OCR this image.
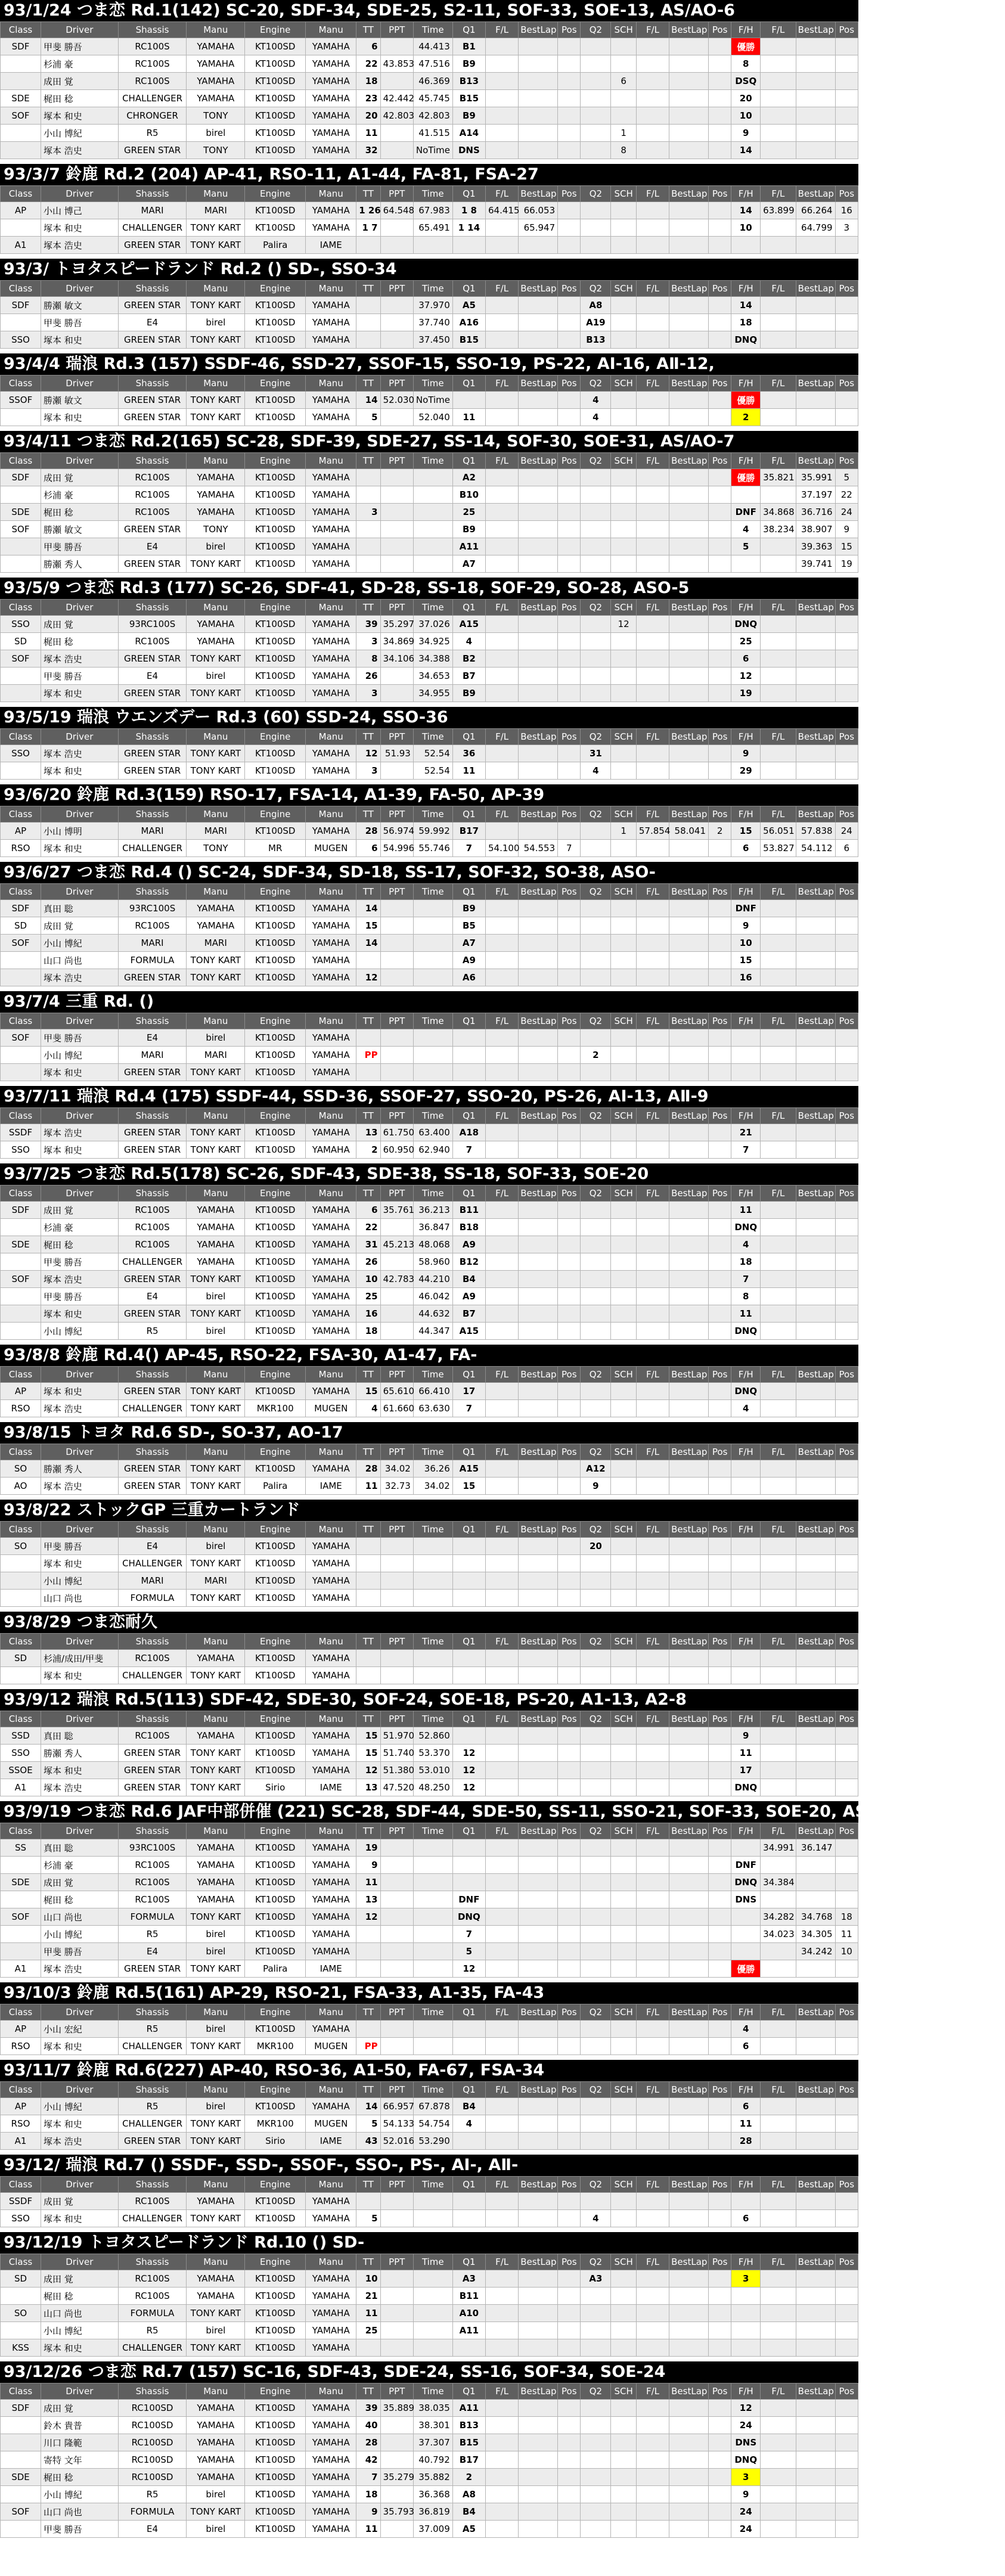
93/1/24 つま恋 Rd.1(142) SC-20, SDF-34, SDE-25, S2-11, SOF-33, SOE-13, AS/AO-6
Class	Driver	Shassis	Manu	Engine	Manu	TT	PPT	Time	Q1	F/L	BestLap	Pos	Q2	SCH	F/L	BestLap	Pos	F/H	F/L	BestLap	Pos
SDF	甲斐 勝吾	RC100S	YAMAHA	KT100SD	YAMAHA	6		44.413	B1									優勝			
	杉浦 豪	RC100S	YAMAHA	KT100SD	YAMAHA	22	43.853	47.516	B9									8			
	成田 覚	RC100S	YAMAHA	KT100SD	YAMAHA	18		46.369	B13					6				DSQ			
SDE	梶田 稔	CHALLENGER	YAMAHA	KT100SD	YAMAHA	23	42.442	45.745	B15									20			
SOF	塚本 和史	CHRONGER	TONY	KT100SD	YAMAHA	20	42.803	42.803	B9									10			
	小山 博紀	R5	birel	KT100SD	YAMAHA	11		41.515	A14					1				9			
	塚本 浩史	GREEN STAR	TONY	KT100SD	YAMAHA	32		NoTime	DNS					8				14			
93/3/7 鈴鹿 Rd.2 (204) AP-41, RSO-11, A1-44, FA-81, FSA-27
Class	Driver	Shassis	Manu	Engine	Manu	TT	PPT	Time	Q1	F/L	BestLap	Pos	Q2	SCH	F/L	BestLap	Pos	F/H	F/L	BestLap	Pos
AP	小山 博己	MARI	MARI	KT100SD	YAMAHA	1 26	64.548	67.983	1 8	64.415	66.053							14	63.899	66.264	16
	塚本 和史	CHALLENGER	TONY KART	KT100SD	YAMAHA	1 7		65.491	1 14		65.947							10		64.799	3
A1	塚本 浩史	GREEN STAR	TONY KART	Palira	IAME																
93/3/ トヨタスピードランド Rd.2 () SD-, SSO-34
Class	Driver	Shassis	Manu	Engine	Manu	TT	PPT	Time	Q1	F/L	BestLap	Pos	Q2	SCH	F/L	BestLap	Pos	F/H	F/L	BestLap	Pos
SDF	勝瀬 敏文	GREEN STAR	TONY KART	KT100SD	YAMAHA			37.970	A5				A8					14			
	甲斐 勝吾	E4	birel	KT100SD	YAMAHA			37.740	A16				A19					18			
SSO	塚本 和史	GREEN STAR	TONY KART	KT100SD	YAMAHA			37.450	B15				B13					DNQ			
93/4/4 瑞浪 Rd.3 (157) SSDF-46, SSD-27, SSOF-15, SSO-19, PS-22, AⅠ-16, AⅡ-12,
Class	Driver	Shassis	Manu	Engine	Manu	TT	PPT	Time	Q1	F/L	BestLap	Pos	Q2	SCH	F/L	BestLap	Pos	F/H	F/L	BestLap	Pos
SSOF	勝瀬 敏文	GREEN STAR	TONY KART	KT100SD	YAMAHA	14	52.030	NoTime					4					優勝			
	塚本 和史	GREEN STAR	TONY KART	KT100SD	YAMAHA	5		52.040	11				4					2			
93/4/11 つま恋 Rd.2(165) SC-28, SDF-39, SDE-27, SS-14, SOF-30, SOE-31, AS/AO-7
Class	Driver	Shassis	Manu	Engine	Manu	TT	PPT	Time	Q1	F/L	BestLap	Pos	Q2	SCH	F/L	BestLap	Pos	F/H	F/L	BestLap	Pos
SDF	成田 覚	RC100S	YAMAHA	KT100SD	YAMAHA				A2									優勝	35.821	35.991	5
	杉浦 豪	RC100S	YAMAHA	KT100SD	YAMAHA				B10											37.197	22
SDE	梶田 稔	RC100S	YAMAHA	KT100SD	YAMAHA	3			25									DNF	34.868	36.716	24
SOF	勝瀬 敏文	GREEN STAR	TONY	KT100SD	YAMAHA				B9									4	38.234	38.907	9
	甲斐 勝吾	E4	birel	KT100SD	YAMAHA				A11									5		39.363	15
	勝瀬 秀人	GREEN STAR	TONY KART	KT100SD	YAMAHA				A7											39.741	19
93/5/9 つま恋 Rd.3 (177) SC-26, SDF-41, SD-28, SS-18, SOF-29, SO-28, ASO-5
Class	Driver	Shassis	Manu	Engine	Manu	TT	PPT	Time	Q1	F/L	BestLap	Pos	Q2	SCH	F/L	BestLap	Pos	F/H	F/L	BestLap	Pos
SSO	成田 覚	93RC100S	YAMAHA	KT100SD	YAMAHA	39	35.297	37.026	A15					12				DNQ			
SD	梶田 稔	RC100S	YAMAHA	KT100SD	YAMAHA	3	34.869	34.925	4									25			
SOF	塚本 浩史	GREEN STAR	TONY KART	KT100SD	YAMAHA	8	34.106	34.388	B2									6			
	甲斐 勝吾	E4	birel	KT100SD	YAMAHA	26		34.653	B7									12			
	塚本 和史	GREEN STAR	TONY KART	KT100SD	YAMAHA	3		34.955	B9									19			
93/5/19 瑞浪 ウエンズデー Rd.3 (60) SSD-24, SSO-36
Class	Driver	Shassis	Manu	Engine	Manu	TT	PPT	Time	Q1	F/L	BestLap	Pos	Q2	SCH	F/L	BestLap	Pos	F/H	F/L	BestLap	Pos
SSO	塚本 浩史	GREEN STAR	TONY KART	KT100SD	YAMAHA	12	51.93	52.54	36				31					9			
	塚本 和史	GREEN STAR	TONY KART	KT100SD	YAMAHA	3		52.54	11				4					29			
93/6/20 鈴鹿 Rd.3(159) RSO-17, FSA-14, A1-39, FA-50, AP-39
Class	Driver	Shassis	Manu	Engine	Manu	TT	PPT	Time	Q1	F/L	BestLap	Pos	Q2	SCH	F/L	BestLap	Pos	F/H	F/L	BestLap	Pos
AP	小山 博明	MARI	MARI	KT100SD	YAMAHA	28	56.974	59.992	B17					1	57.854	58.041	2	15	56.051	57.838	24
RSO	塚本 和史	CHALLENGER	TONY	MR	MUGEN	6	54.996	55.746	7	54.100	54.553	7						6	53.827	54.112	6
93/6/27 つま恋 Rd.4 () SC-24, SDF-34, SD-18, SS-17, SOF-32, SO-38, ASO-
Class	Driver	Shassis	Manu	Engine	Manu	TT	PPT	Time	Q1	F/L	BestLap	Pos	Q2	SCH	F/L	BestLap	Pos	F/H	F/L	BestLap	Pos
SDF	真田 聡	93RC100S	YAMAHA	KT100SD	YAMAHA	14			B9									DNF			
SD	成田 覚	RC100S	YAMAHA	KT100SD	YAMAHA	15			B5									9			
SOF	小山 博紀	MARI	MARI	KT100SD	YAMAHA	14			A7									10			
	山口 尚也	FORMULA	TONY KART	KT100SD	YAMAHA				A9									15			
	塚本 浩史	GREEN STAR	TONY KART	KT100SD	YAMAHA	12			A6									16			
93/7/4 三重 Rd. ()
Class	Driver	Shassis	Manu	Engine	Manu	TT	PPT	Time	Q1	F/L	BestLap	Pos	Q2	SCH	F/L	BestLap	Pos	F/H	F/L	BestLap	Pos
SOF	甲斐 勝吾	E4	birel	KT100SD	YAMAHA																
	小山 博紀	MARI	MARI	KT100SD	YAMAHA	PP							2								
	塚本 和史	GREEN STAR	TONY KART	KT100SD	YAMAHA																
93/7/11 瑞浪 Rd.4 (175) SSDF-44, SSD-36, SSOF-27, SSO-20, PS-26, AⅠ-13, AⅡ-9
Class	Driver	Shassis	Manu	Engine	Manu	TT	PPT	Time	Q1	F/L	BestLap	Pos	Q2	SCH	F/L	BestLap	Pos	F/H	F/L	BestLap	Pos
SSDF	塚本 浩史	GREEN STAR	TONY KART	KT100SD	YAMAHA	13	61.750	63.400	A18									21			
SSO	塚本 和史	GREEN STAR	TONY KART	KT100SD	YAMAHA	2	60.950	62.940	7									7			
93/7/25 つま恋 Rd.5(178) SC-26, SDF-43, SDE-38, SS-18, SOF-33, SOE-20
Class	Driver	Shassis	Manu	Engine	Manu	TT	PPT	Time	Q1	F/L	BestLap	Pos	Q2	SCH	F/L	BestLap	Pos	F/H	F/L	BestLap	Pos
SDF	成田 覚	RC100S	YAMAHA	KT100SD	YAMAHA	6	35.761	36.213	B11									11			
	杉浦 豪	RC100S	YAMAHA	KT100SD	YAMAHA	22		36.847	B18									DNQ			
SDE	梶田 稔	RC100S	YAMAHA	KT100SD	YAMAHA	31	45.213	48.068	A9									4			
	甲斐 勝吾	CHALLENGER	YAMAHA	KT100SD	YAMAHA	26		58.960	B12									18			
SOF	塚本 浩史	GREEN STAR	TONY KART	KT100SD	YAMAHA	10	42.783	44.210	B4									7			
	甲斐 勝吾	E4	birel	KT100SD	YAMAHA	25		46.042	A9									8			
	塚本 和史	GREEN STAR	TONY KART	KT100SD	YAMAHA	16		44.632	B7									11			
	小山 博紀	R5	birel	KT100SD	YAMAHA	18		44.347	A15									DNQ			
93/8/8 鈴鹿 Rd.4() AP-45, RSO-22, FSA-30, A1-47, FA-
Class	Driver	Shassis	Manu	Engine	Manu	TT	PPT	Time	Q1	F/L	BestLap	Pos	Q2	SCH	F/L	BestLap	Pos	F/H	F/L	BestLap	Pos
AP	塚本 和史	GREEN STAR	TONY KART	KT100SD	YAMAHA	15	65.610	66.410	17									DNQ			
RSO	塚本 浩史	CHALLENGER	TONY KART	MKR100	MUGEN	4	61.660	63.630	7									4			
93/8/15 トヨタ Rd.6 SD-, SO-37, AO-17
Class	Driver	Shassis	Manu	Engine	Manu	TT	PPT	Time	Q1	F/L	BestLap	Pos	Q2	SCH	F/L	BestLap	Pos	F/H	F/L	BestLap	Pos
SO	勝瀬 秀人	GREEN STAR	TONY KART	KT100SD	YAMAHA	28	34.02	36.26	A15				A12								
AO	塚本 浩史	GREEN STAR	TONY KART	Palira	IAME	11	32.73	34.02	15				9								
93/8/22 ストックGP 三重カートランド
Class	Driver	Shassis	Manu	Engine	Manu	TT	PPT	Time	Q1	F/L	BestLap	Pos	Q2	SCH	F/L	BestLap	Pos	F/H	F/L	BestLap	Pos
SO	甲斐 勝吾	E4	birel	KT100SD	YAMAHA								20								
	塚本 和史	CHALLENGER	TONY KART	KT100SD	YAMAHA																
	小山 博紀	MARI	MARI	KT100SD	YAMAHA																
	山口 尚也	FORMULA	TONY KART	KT100SD	YAMAHA																
93/8/29 つま恋耐久
Class	Driver	Shassis	Manu	Engine	Manu	TT	PPT	Time	Q1	F/L	BestLap	Pos	Q2	SCH	F/L	BestLap	Pos	F/H	F/L	BestLap	Pos
SD	杉浦/成田/甲斐	RC100S	YAMAHA	KT100SD	YAMAHA																
	塚本 和史	CHALLENGER	TONY KART	KT100SD	YAMAHA																
93/9/12 瑞浪 Rd.5(113) SDF-42, SDE-30, SOF-24, SOE-18, PS-20, A1-13, A2-8
Class	Driver	Shassis	Manu	Engine	Manu	TT	PPT	Time	Q1	F/L	BestLap	Pos	Q2	SCH	F/L	BestLap	Pos	F/H	F/L	BestLap	Pos
SSD	真田 聡	RC100S	YAMAHA	KT100SD	YAMAHA	15	51.970	52.860										9			
SSO	勝瀬 秀人	GREEN STAR	TONY KART	KT100SD	YAMAHA	15	51.740	53.370	12									11			
SSOE	塚本 和史	GREEN STAR	TONY KART	KT100SD	YAMAHA	12	51.380	53.010	12									17			
A1	塚本 浩史	GREEN STAR	TONY KART	Sirio	IAME	13	47.520	48.250	12									DNQ			
93/9/19 つま恋 Rd.6 JAF中部併催 (221) SC-28, SDF-44, SDE-50, SS-11, SSO-21, SOF-33, SOE-20, ASO-6, A1-7, A2-1
Class	Driver	Shassis	Manu	Engine	Manu	TT	PPT	Time	Q1	F/L	BestLap	Pos	Q2	SCH	F/L	BestLap	Pos	F/H	F/L	BestLap	Pos
SS	真田 聡	93RC100S	YAMAHA	KT100SD	YAMAHA	19													34.991	36.147	
	杉浦 豪	RC100S	YAMAHA	KT100SD	YAMAHA	9												DNF			
SDE	成田 覚	RC100S	YAMAHA	KT100SD	YAMAHA	11												DNQ	34.384		
	梶田 稔	RC100S	YAMAHA	KT100SD	YAMAHA	13			DNF									DNS			
SOF	山口 尚也	FORMULA	TONY KART	KT100SD	YAMAHA	12			DNQ										34.282	34.768	18
	小山 博紀	R5	birel	KT100SD	YAMAHA				7										34.023	34.305	11
	甲斐 勝吾	E4	birel	KT100SD	YAMAHA				5											34.242	10
A1	塚本 浩史	GREEN STAR	TONY KART	Palira	IAME				12									優勝			
93/10/3 鈴鹿 Rd.5(161) AP-29, RSO-21, FSA-33, A1-35, FA-43
Class	Driver	Shassis	Manu	Engine	Manu	TT	PPT	Time	Q1	F/L	BestLap	Pos	Q2	SCH	F/L	BestLap	Pos	F/H	F/L	BestLap	Pos
AP	小山 宏紀	R5	birel	KT100SD	YAMAHA													4			
RSO	塚本 和史	CHALLENGER	TONY KART	MKR100	MUGEN	PP												6			
93/11/7 鈴鹿 Rd.6(227) AP-40, RSO-36, A1-50, FA-67, FSA-34
Class	Driver	Shassis	Manu	Engine	Manu	TT	PPT	Time	Q1	F/L	BestLap	Pos	Q2	SCH	F/L	BestLap	Pos	F/H	F/L	BestLap	Pos
AP	小山 博紀	R5	birel	KT100SD	YAMAHA	14	66.957	67.878	B4									6			
RSO	塚本 和史	CHALLENGER	TONY KART	MKR100	MUGEN	5	54.133	54.754	4									11			
A1	塚本 浩史	GREEN STAR	TONY KART	Sirio	IAME	43	52.016	53.290										28			
93/12/ 瑞浪 Rd.7 () SSDF-, SSD-, SSOF-, SSO-, PS-, AⅠ-, AⅡ-
Class	Driver	Shassis	Manu	Engine	Manu	TT	PPT	Time	Q1	F/L	BestLap	Pos	Q2	SCH	F/L	BestLap	Pos	F/H	F/L	BestLap	Pos
SSDF	成田 覚	RC100S	YAMAHA	KT100SD	YAMAHA																
SSO	塚本 和史	CHALLENGER	TONY KART	KT100SD	YAMAHA	5							4					6			
93/12/19 トヨタスピードランド Rd.10 () SD-
Class	Driver	Shassis	Manu	Engine	Manu	TT	PPT	Time	Q1	F/L	BestLap	Pos	Q2	SCH	F/L	BestLap	Pos	F/H	F/L	BestLap	Pos
SD	成田 覚	RC100S	YAMAHA	KT100SD	YAMAHA	10			A3				A3					3			
	梶田 稔	RC100S	YAMAHA	KT100SD	YAMAHA	21			B11												
SO	山口 尚也	FORMULA	TONY KART	KT100SD	YAMAHA	11			A10												
	小山 博紀	R5	birel	KT100SD	YAMAHA	25			A11												
KSS	塚本 和史	CHALLENGER	TONY KART	KT100SD	YAMAHA																
93/12/26 つま恋 Rd.7 (157) SC-16, SDF-43, SDE-24, SS-16, SOF-34, SOE-24
Class	Driver	Shassis	Manu	Engine	Manu	TT	PPT	Time	Q1	F/L	BestLap	Pos	Q2	SCH	F/L	BestLap	Pos	F/H	F/L	BestLap	Pos
SDF	成田 覚	RC100SD	YAMAHA	KT100SD	YAMAHA	39	35.889	38.035	A11									12			
	鈴木 貴普	RC100SD	YAMAHA	KT100SD	YAMAHA	40		38.301	B13									24			
	川口 隆範	RC100SD	YAMAHA	KT100SD	YAMAHA	28		37.307	B15									DNS			
	寄特 文年	RC100SD	YAMAHA	KT100SD	YAMAHA	42		40.792	B17									DNQ			
SDE	梶田 稔	RC100SD	YAMAHA	KT100SD	YAMAHA	7	35.279	35.882	2									3			
	小山 博紀	R5	birel	KT100SD	YAMAHA	18		36.368	A8									9			
SOF	山口 尚也	FORMULA	TONY KART	KT100SD	YAMAHA	9	35.793	36.819	B4									24			
	甲斐 勝吾	E4	birel	KT100SD	YAMAHA	11		37.009	A5									24			
